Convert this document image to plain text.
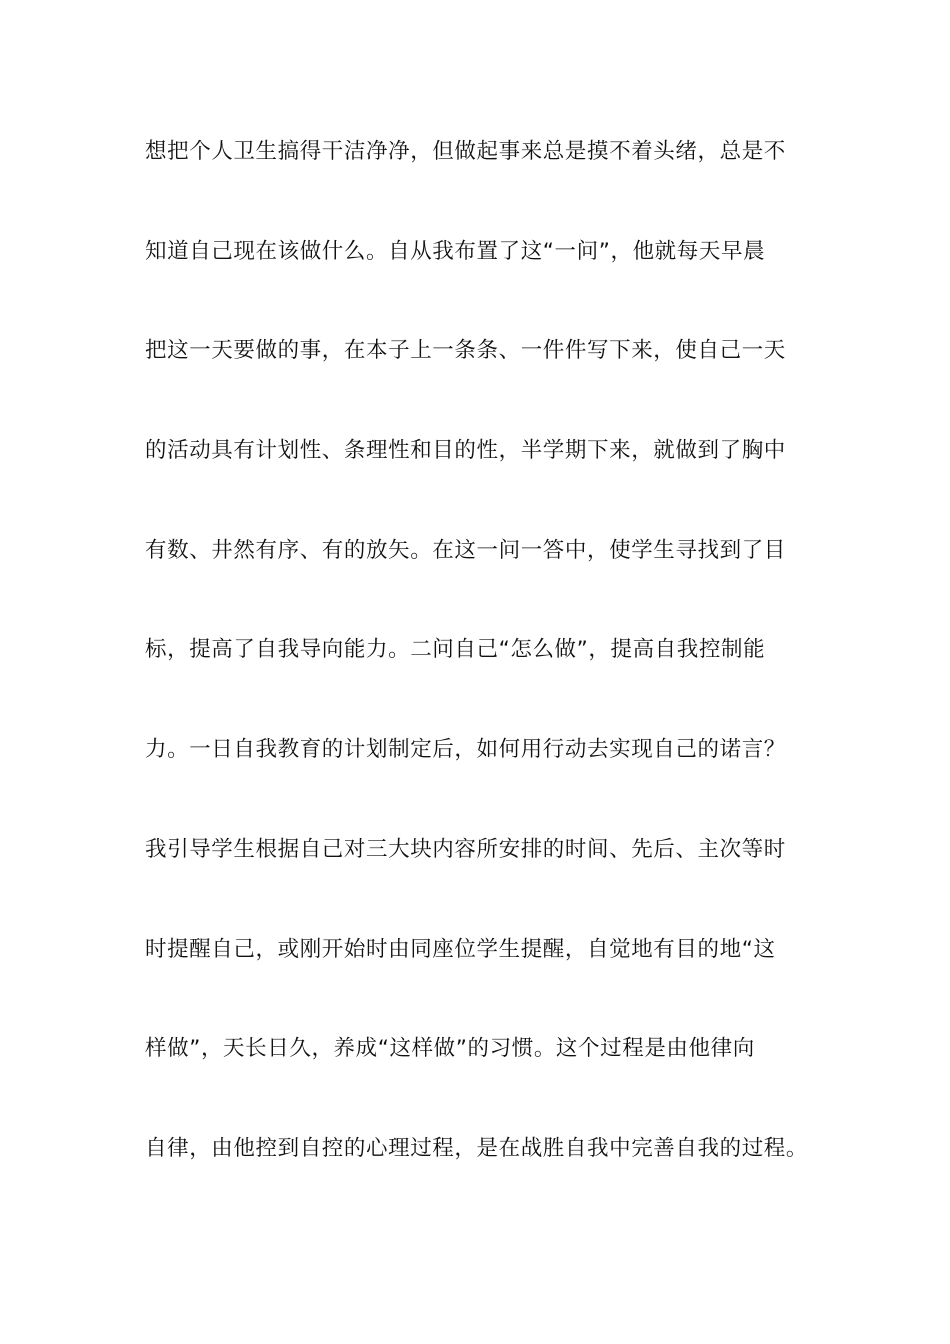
想把个人卫生搞得干洁净净，但做起事来总是摸不着头绪，总是不
知道自己现在该做什么。自从我布置了这“一问”，他就每天早晨
把这一天要做的事，在本子上一条条、一件件写下来，使自己一天
的活动具有计划性、条理性和目的性，半学期下来，就做到了胸中
有数、井然有序、有的放矢。在这一问一答中，使学生寻找到了目
标，提高了自我导向能力。二问自己“怎么做”，提高自我控制能
力。一日自我教育的计划制定后，如何用行动去实现自己的诺言？
我引导学生根据自己对三大块内容所安排的时间、先后、主次等时
时提醒自己，或刚开始时由同座位学生提醒，自觉地有目的地“这
样做”，天长日久，养成“这样做”的习惯。这个过程是由他律向
自律，由他控到自控的心理过程，是在战胜自我中完善自我的过程。
